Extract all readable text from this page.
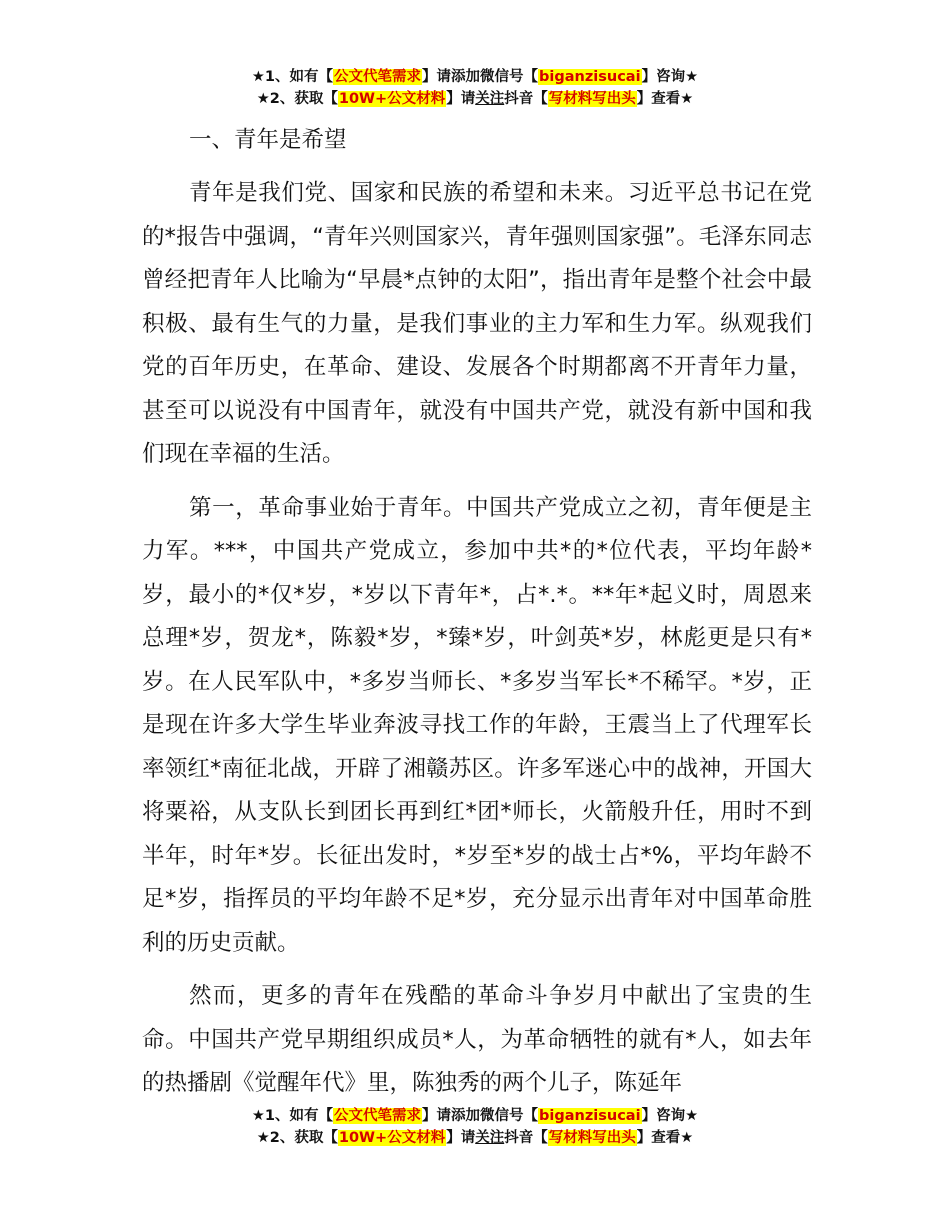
★1、如有【公文代笔需求】请添加微信号【biganzisucai】咨询★
★2、获取【10W+公文材料】请关注抖音【写材料写出头】查看★
一、青年是希望

青年是我们党、国家和民族的希望和未来。习近平总书记在党的*报告中强调，“青年兴则国家兴，青年强则国家强”。毛泽东同志曾经把青年人比喻为“早晨*点钟的太阳”，指出青年是整个社会中最积极、最有生气的力量，是我们事业的主力军和生力军。纵观我们党的百年历史，在革命、建设、发展各个时期都离不开青年力量，甚至可以说没有中国青年，就没有中国共产党，就没有新中国和我们现在幸福的生活。

第一，革命事业始于青年。中国共产党成立之初，青年便是主力军。***，中国共产党成立，参加中共*的*位代表，平均年龄*岁，最小的*仅*岁，*岁以下青年*，占*.*。**年*起义时，周恩来总理*岁，贺龙*，陈毅*岁，*臻*岁，叶剑英*岁，林彪更是只有*岁。在人民军队中，*多岁当师长、*多岁当军长*不稀罕。*岁，正是现在许多大学生毕业奔波寻找工作的年龄，王震当上了代理军长率领红*南征北战，开辟了湘赣苏区。许多军迷心中的战神，开国大将粟裕，从支队长到团长再到红*团*师长，火箭般升任，用时不到半年，时年*岁。长征出发时，*岁至*岁的战士占*%，平均年龄不足*岁，指挥员的平均年龄不足*岁，充分显示出青年对中国革命胜利的历史贡献。

然而，更多的青年在残酷的革命斗争岁月中献出了宝贵的生命。中国共产党早期组织成员*人，为革命牺牲的就有*人，如去年的热播剧《觉醒年代》里，陈独秀的两个儿子，陈延年

★1、如有【公文代笔需求】请添加微信号【biganzisucai】咨询★
★2、获取【10W+公文材料】请关注抖音【写材料写出头】查看★
